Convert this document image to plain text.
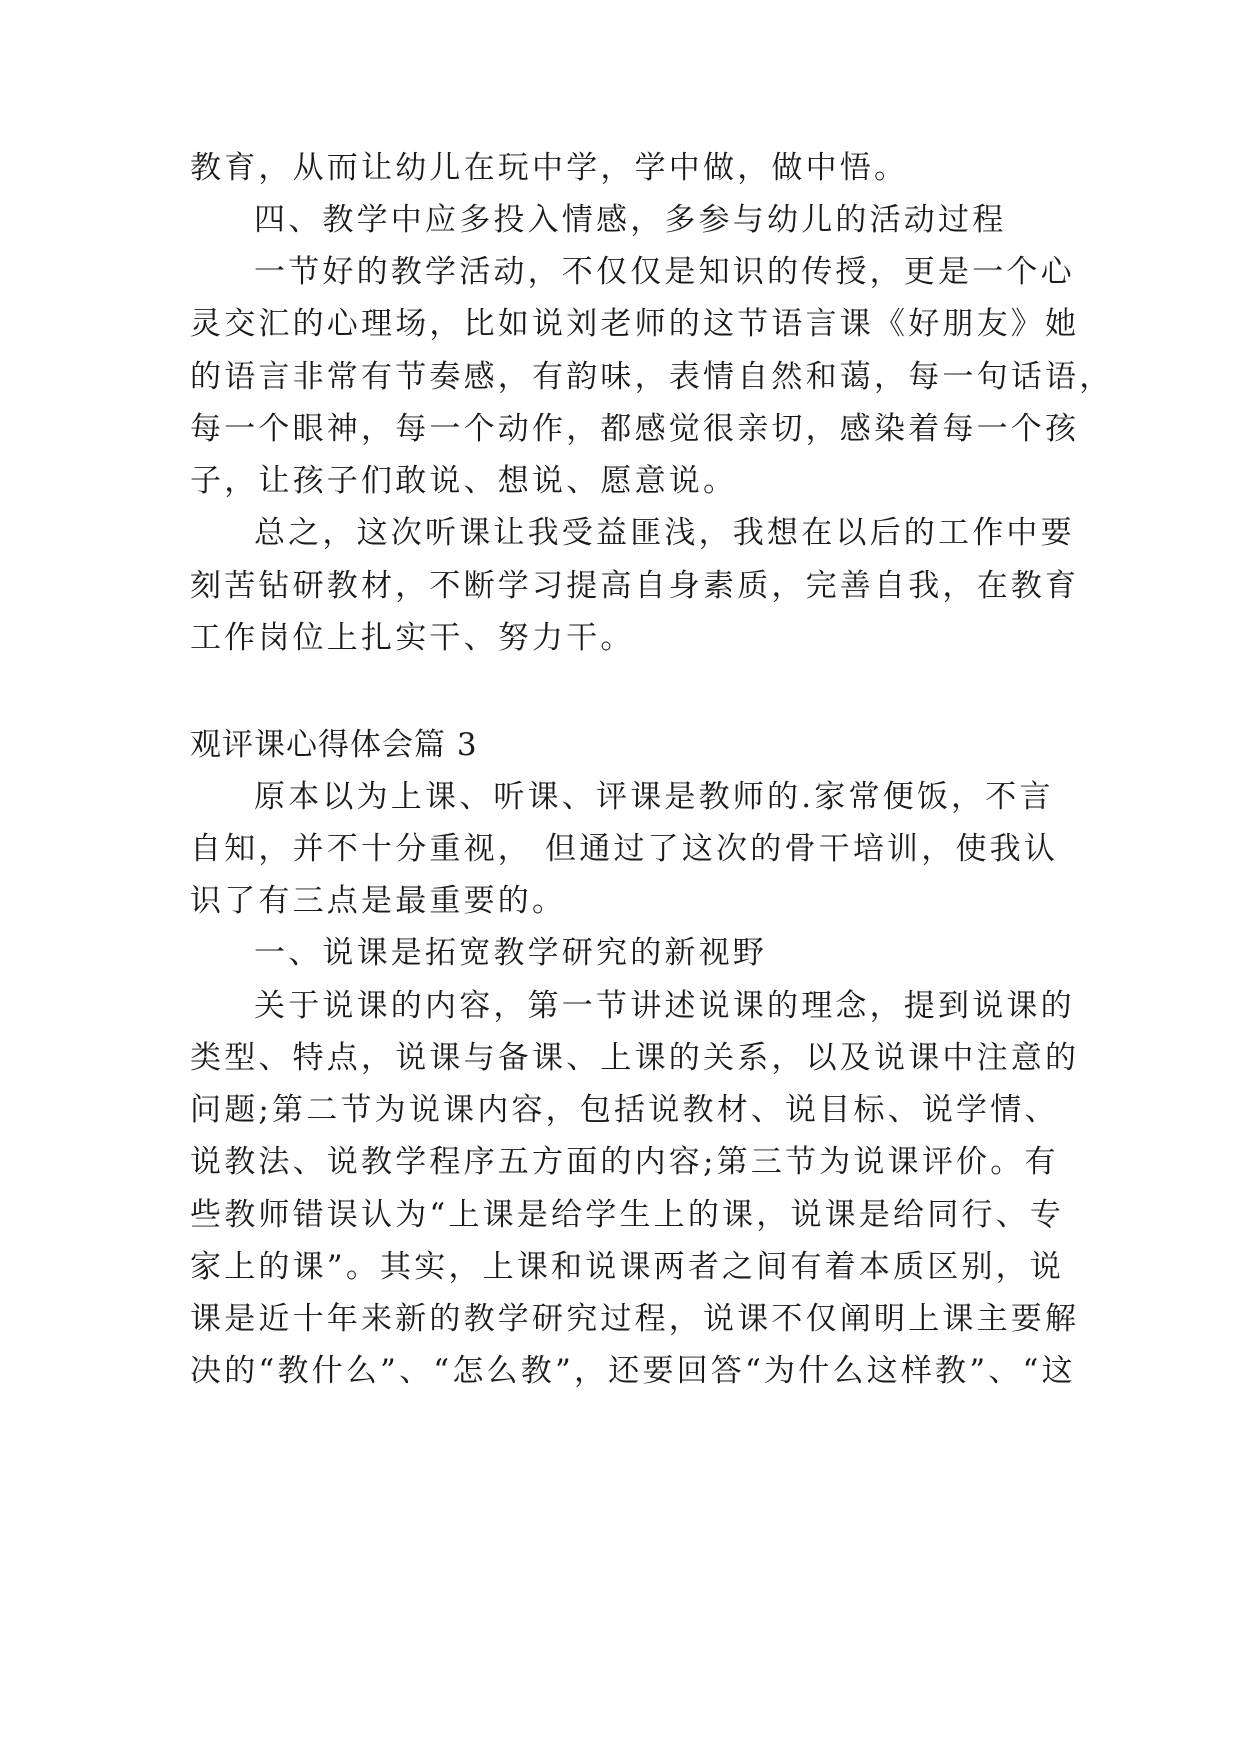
教育，从而让幼儿在玩中学，学中做，做中悟。
四、教学中应多投入情感，多参与幼儿的活动过程
一节好的教学活动，不仅仅是知识的传授，更是一个心
灵交汇的心理场，比如说刘老师的这节语言课《好朋友》她
的语言非常有节奏感，有韵味，表情自然和蔼，每一句话语，
每一个眼神，每一个动作，都感觉很亲切，感染着每一个孩
子，让孩子们敢说、想说、愿意说。
总之，这次听课让我受益匪浅，我想在以后的工作中要
刻苦钻研教材，不断学习提高自身素质，完善自我，在教育
工作岗位上扎实干、努力干。
观评课心得体会篇 3
原本以为上课、听课、评课是教师的.家常便饭，不言
自知，并不十分重视， 但通过了这次的骨干培训，使我认
识了有三点是最重要的。
一、说课是拓宽教学研究的新视野
关于说课的内容，第一节讲述说课的理念，提到说课的
类型、特点，说课与备课、上课的关系，以及说课中注意的
问题;第二节为说课内容，包括说教材、说目标、说学情、
说教法、说教学程序五方面的内容;第三节为说课评价。有
些教师错误认为“上课是给学生上的课，说课是给同行、专
家上的课”。其实，上课和说课两者之间有着本质区别，说
课是近十年来新的教学研究过程，说课不仅阐明上课主要解
决的“教什么”、“怎么教”，还要回答“为什么这样教”、“这
